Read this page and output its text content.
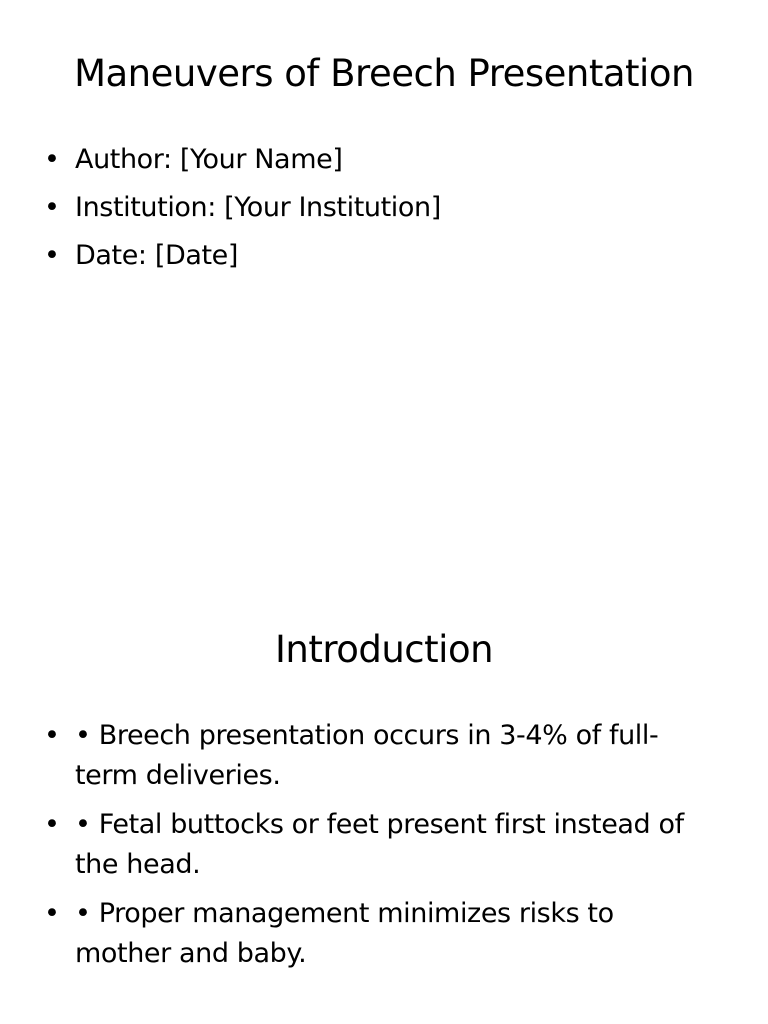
Maneuvers of Breech Presentation
• Author: [Your Name]
• Institution: [Your Institution]
• Date: [Date]
Introduction
• • Breech presentation occurs in 3-4% of full-term deliveries.
• • Fetal buttocks or feet present first instead of the head.
• • Proper management minimizes risks to mother and baby.
